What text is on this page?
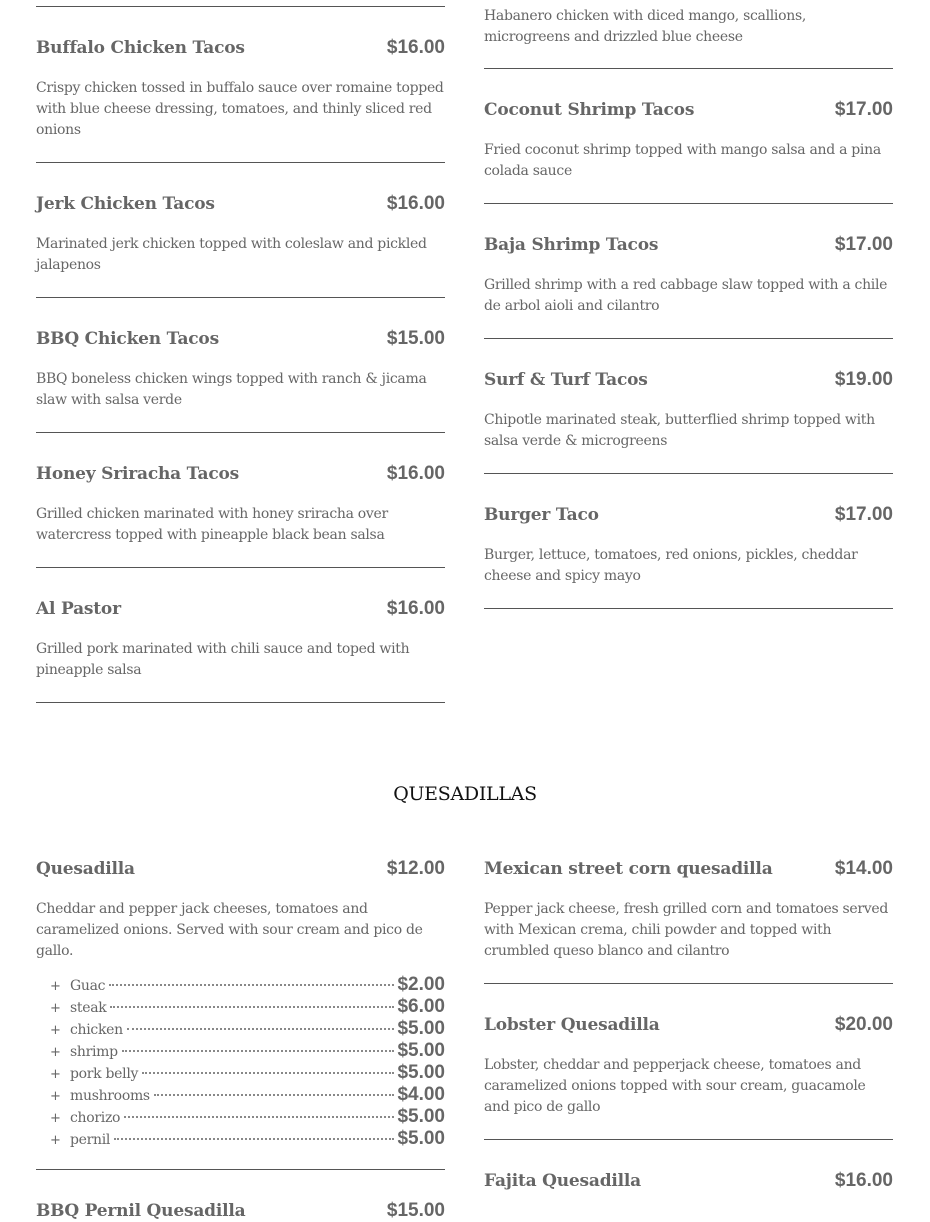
Buffalo Chicken Tacos	$16.00
Crispy chicken tossed in buffalo sauce over romaine topped with blue cheese dressing, tomatoes, and thinly sliced red onions
Jerk Chicken Tacos	$16.00
Marinated jerk chicken topped with coleslaw and pickled jalapenos
BBQ Chicken Tacos	$15.00
BBQ boneless chicken wings topped with ranch & jicama slaw with salsa verde
Honey Sriracha Tacos	$16.00
Grilled chicken marinated with honey sriracha over watercress topped with pineapple black bean salsa
Al Pastor	$16.00
Grilled pork marinated with chili sauce and toped with pineapple salsa
Habanero chicken with diced mango, scallions, microgreens and drizzled blue cheese
Coconut Shrimp Tacos	$17.00
Fried coconut shrimp topped with mango salsa and a pina colada sauce
Baja Shrimp Tacos	$17.00
Grilled shrimp with a red cabbage slaw topped with a chile de arbol aioli and cilantro
Surf & Turf Tacos	$19.00
Chipotle marinated steak, butterflied shrimp topped with salsa verde & microgreens
Burger Taco	$17.00
Burger, lettuce, tomatoes, red onions, pickles, cheddar cheese and spicy mayo
QUESADILLAS
Quesadilla	$12.00
Cheddar and pepper jack cheeses, tomatoes and caramelized onions. Served with sour cream and pico de gallo.
+ Guac	$2.00
+ steak	$6.00
+ chicken	$5.00
+ shrimp	$5.00
+ pork belly	$5.00
+ mushrooms	$4.00
+ chorizo	$5.00
+ pernil	$5.00
BBQ Pernil Quesadilla	$15.00
Mexican street corn quesadilla	$14.00
Pepper jack cheese, fresh grilled corn and tomatoes served with Mexican crema, chili powder and topped with crumbled queso blanco and cilantro
Lobster Quesadilla	$20.00
Lobster, cheddar and pepperjack cheese, tomatoes and caramelized onions topped with sour cream, guacamole and pico de gallo
Fajita Quesadilla	$16.00
